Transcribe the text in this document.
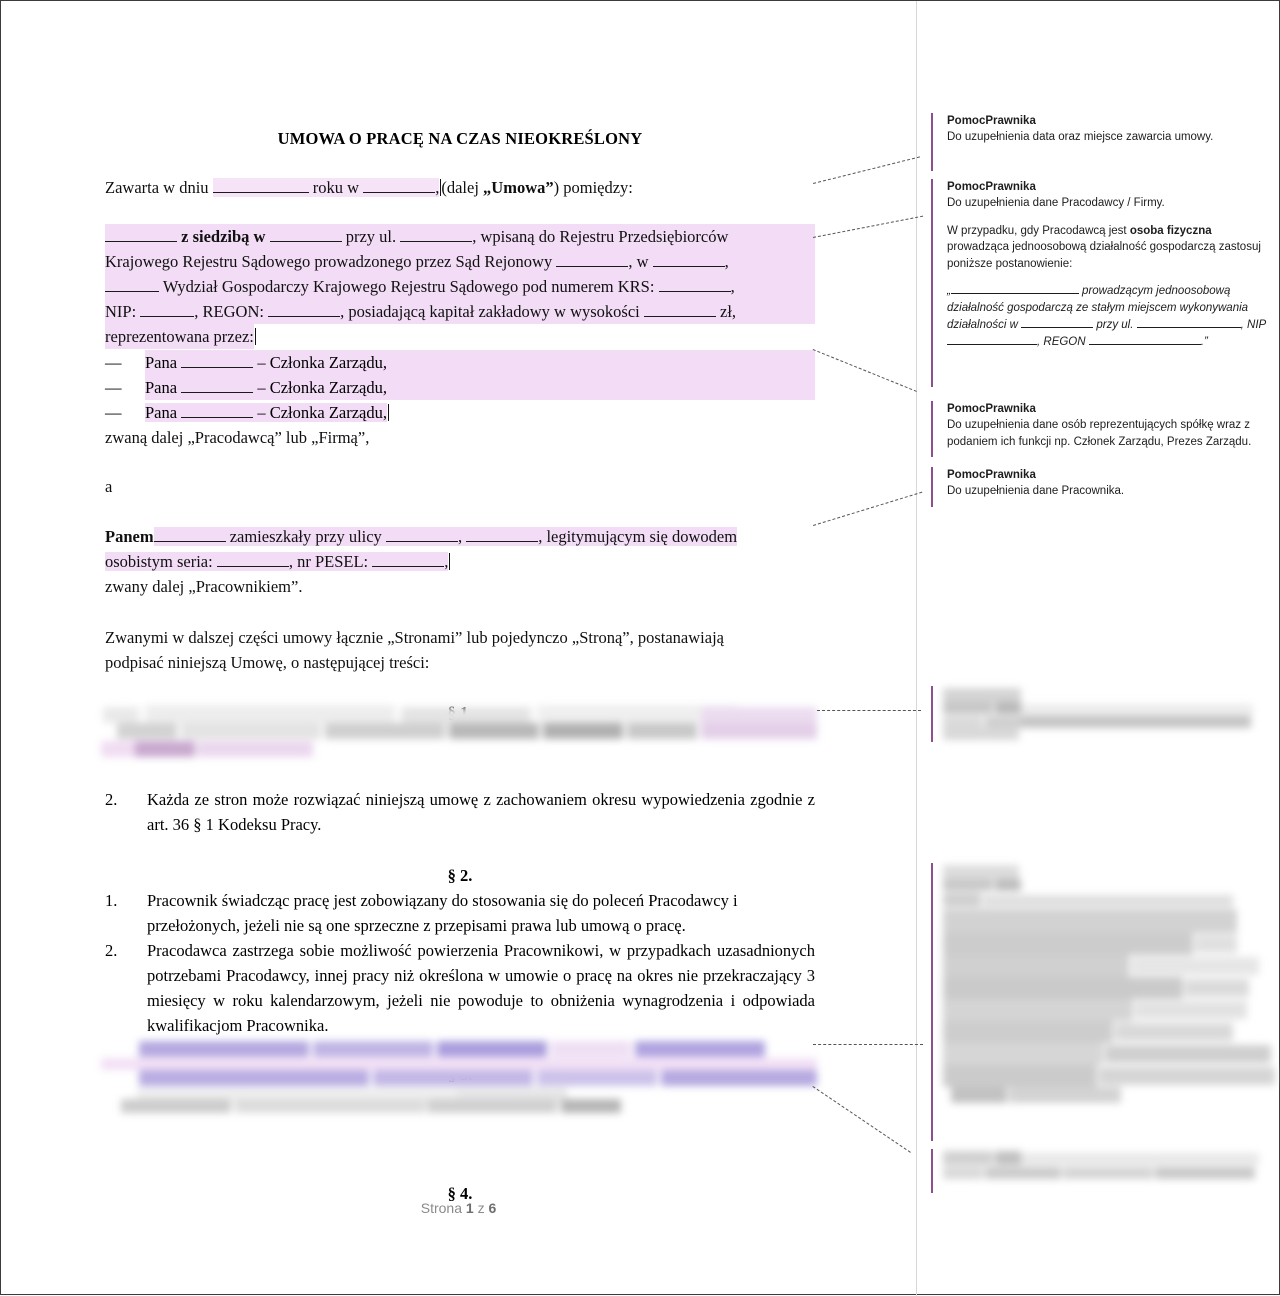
UMOWA O PRACĘ NA CZAS NIEOKREŚLONY
Zawarta w dniu	roku w	, (dalej „Umowa”) pomiędzy:
z siedzibą w	przy ul.	, wpisaną do Rejestru Przedsiębiorców
Krajowego Rejestru Sądowego prowadzonego przez Sąd Rejonowy	, w	,
Wydział Gospodarczy Krajowego Rejestru Sądowego pod numerem KRS:	,
NIP:	, REGON:	, posiadającą kapitał zakładowy w wysokości	zł,
reprezentowana przez:
—	Pana	– Członka Zarządu,
—	Pana	– Członka Zarządu,
—	Pana	– Członka Zarządu,
zwaną dalej „Pracodawcą” lub „Firmą”,
a
Panem	zamieszkały przy ulicy	,	, legitymującym się dowodem
osobistym seria:	, nr PESEL:	,
zwany dalej „Pracownikiem”.
Zwanymi w dalszej części umowy łącznie „Stronami” lub pojedynczo „Stroną”, postanawiają
podpisać niniejszą Umowę, o następującej treści:
2.	Każda ze stron może rozwiązać niniejszą umowę z zachowaniem okresu wypowiedzenia zgodnie z art. 36 § 1 Kodeksu Pracy.
§ 2.
1.	Pracownik świadcząc pracę jest zobowiązany do stosowania się do poleceń Pracodawcy i przełożonych, jeżeli nie są one sprzeczne z przepisami prawa lub umową o pracę.
2.	Pracodawca zastrzega sobie możliwość powierzenia Pracownikowi, w przypadkach uzasadnionych potrzebami Pracodawcy, innej pracy niż określona w umowie o pracę na okres nie przekraczający 3 miesięcy w roku kalendarzowym, jeżeli nie powoduje to obniżenia wynagrodzenia i odpowiada kwalifikacjom Pracownika.
§ 4.
Strona 1 z 6
PomocPrawnika

Do uzupełnienia data oraz miejsce zawarcia umowy.

PomocPrawnika

Do uzupełnienia dane Pracodawcy / Firmy.

W przypadku, gdy Pracodawcą jest osoba fizyczna

prowadząca jednoosobową działalność gospodarczą zastosuj poniższe postanowienie:

„	prowadzącym jednoosobową

działalność gospodarczą ze stałym miejscem wykonywania

działalności w	przy ul.	, NIP

, REGON	.”

PomocPrawnika

Do uzupełnienia dane osób reprezentujących spółkę wraz z podaniem ich funkcji np. Członek Zarządu, Prezes Zarządu.

PomocPrawnika

Do uzupełnienia dane Pracownika.
